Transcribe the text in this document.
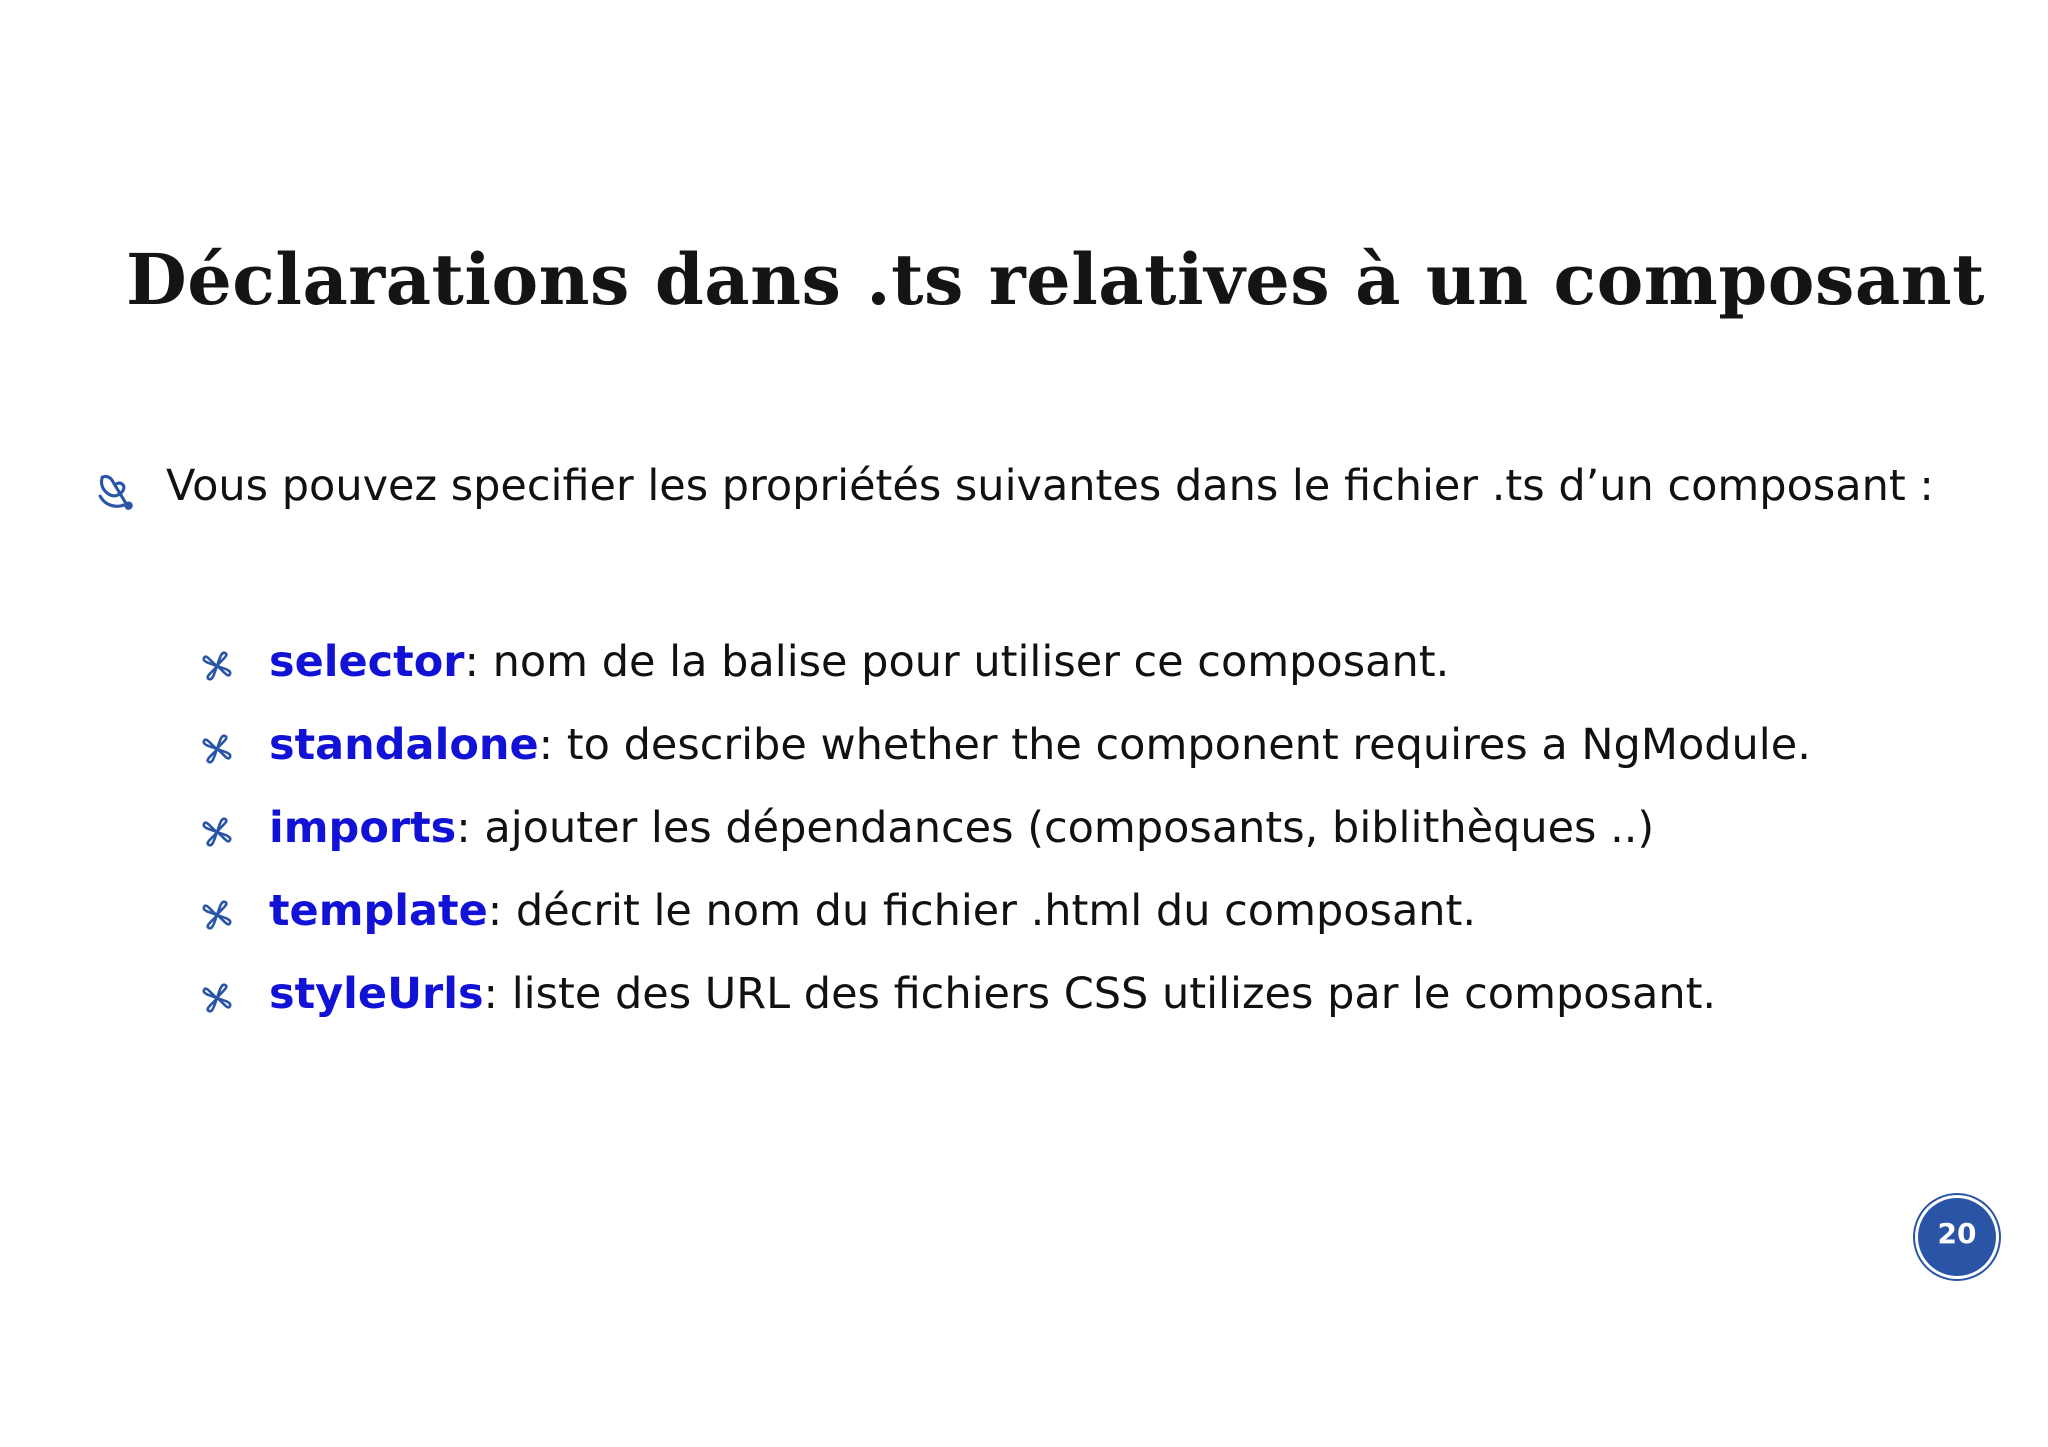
Déclarations dans .ts relatives à un composant
Vous pouvez specifier les propriétés suivantes dans le fichier .ts d’un composant :
selector : nom de la balise pour utiliser ce composant.
standalone : to describe whether the component requires a NgModule.
imports : ajouter les dépendances (composants, biblithèques ..)
template : décrit le nom du fichier .html du composant.
styleUrls : liste des URL des fichiers CSS utilizes par le composant.
20
